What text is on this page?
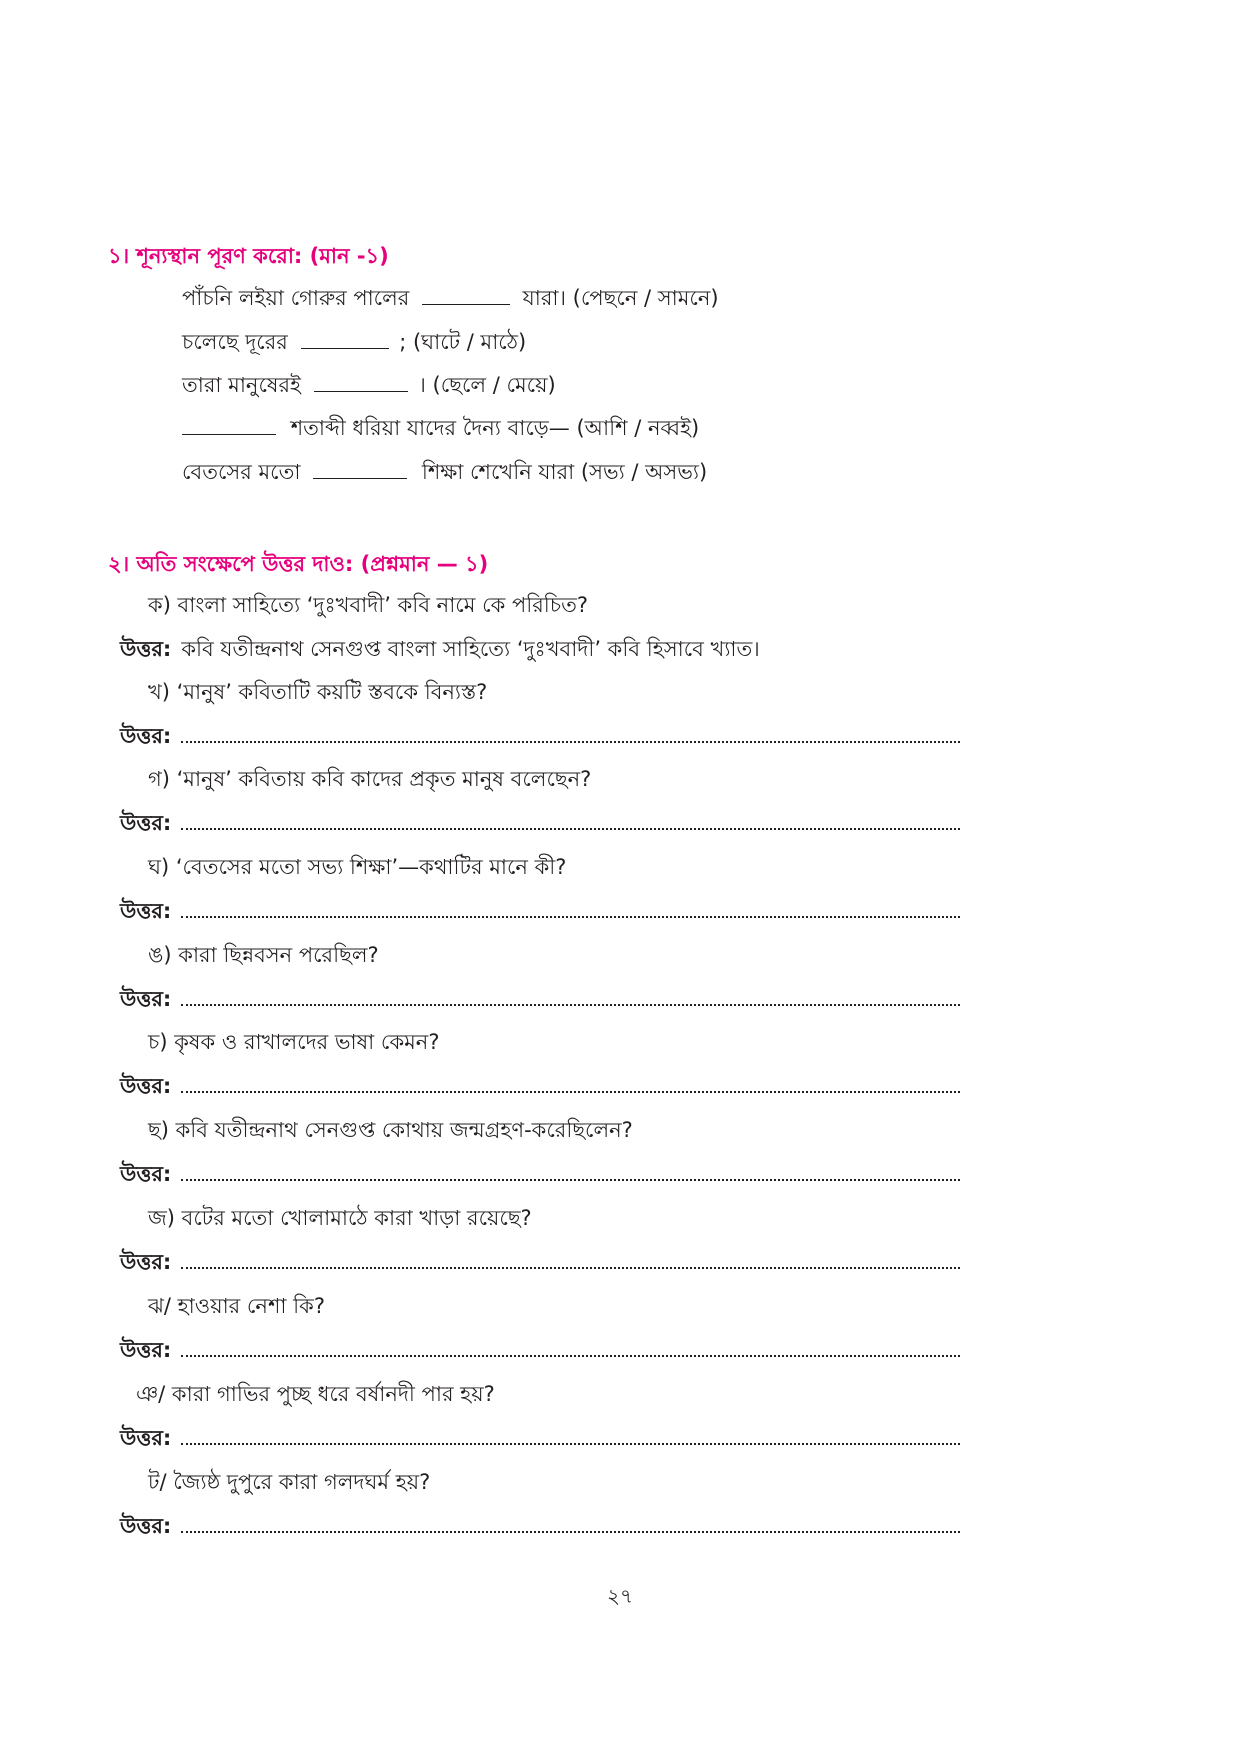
১। শূন্যস্থান পূরণ করো: (মান -১)
পাঁচনি লইয়া গোরুর পালের	যারা। (পেছনে / সামনে)
চলেছে দূরের	; (ঘাটে / মাঠে)
তারা মানুষেরই	। (ছেলে / মেয়ে)
শতাব্দী ধরিয়া যাদের দৈন্য বাড়ে— (আশি / নব্বই)
বেতসের মতো	শিক্ষা শেখেনি যারা (সভ্য / অসভ্য)
২। অতি সংক্ষেপে উত্তর দাও: (প্রশ্নমান — ১)
ক) বাংলা সাহিত্যে ‘দুঃখবাদী’ কবি নামে কে পরিচিত?
উত্তর: কবি যতীন্দ্রনাথ সেনগুপ্ত বাংলা সাহিত্যে ‘দুঃখবাদী’ কবি হিসাবে খ্যাত।
খ) ‘মানুষ’ কবিতাটি কয়টি স্তবকে বিন্যস্ত?
উত্তর:
গ) ‘মানুষ’ কবিতায় কবি কাদের প্রকৃত মানুষ বলেছেন?
উত্তর:
ঘ) ‘বেতসের মতো সভ্য শিক্ষা’—কথাটির মানে কী?
উত্তর:
ঙ) কারা ছিন্নবসন পরেছিল?
উত্তর:
চ) কৃষক ও রাখালদের ভাষা কেমন?
উত্তর:
ছ) কবি যতীন্দ্রনাথ সেনগুপ্ত কোথায় জন্মগ্রহণ-করেছিলেন?
উত্তর:
জ) বটের মতো খোলামাঠে কারা খাড়া রয়েছে?
উত্তর:
ঝ/ হাওয়ার নেশা কি?
উত্তর:
ঞ/ কারা গাভির পুচ্ছ ধরে বর্ষানদী পার হয়?
উত্তর:
ট/ জ্যৈষ্ঠ দুপুরে কারা গলদঘর্ম হয়?
উত্তর:
২৭
